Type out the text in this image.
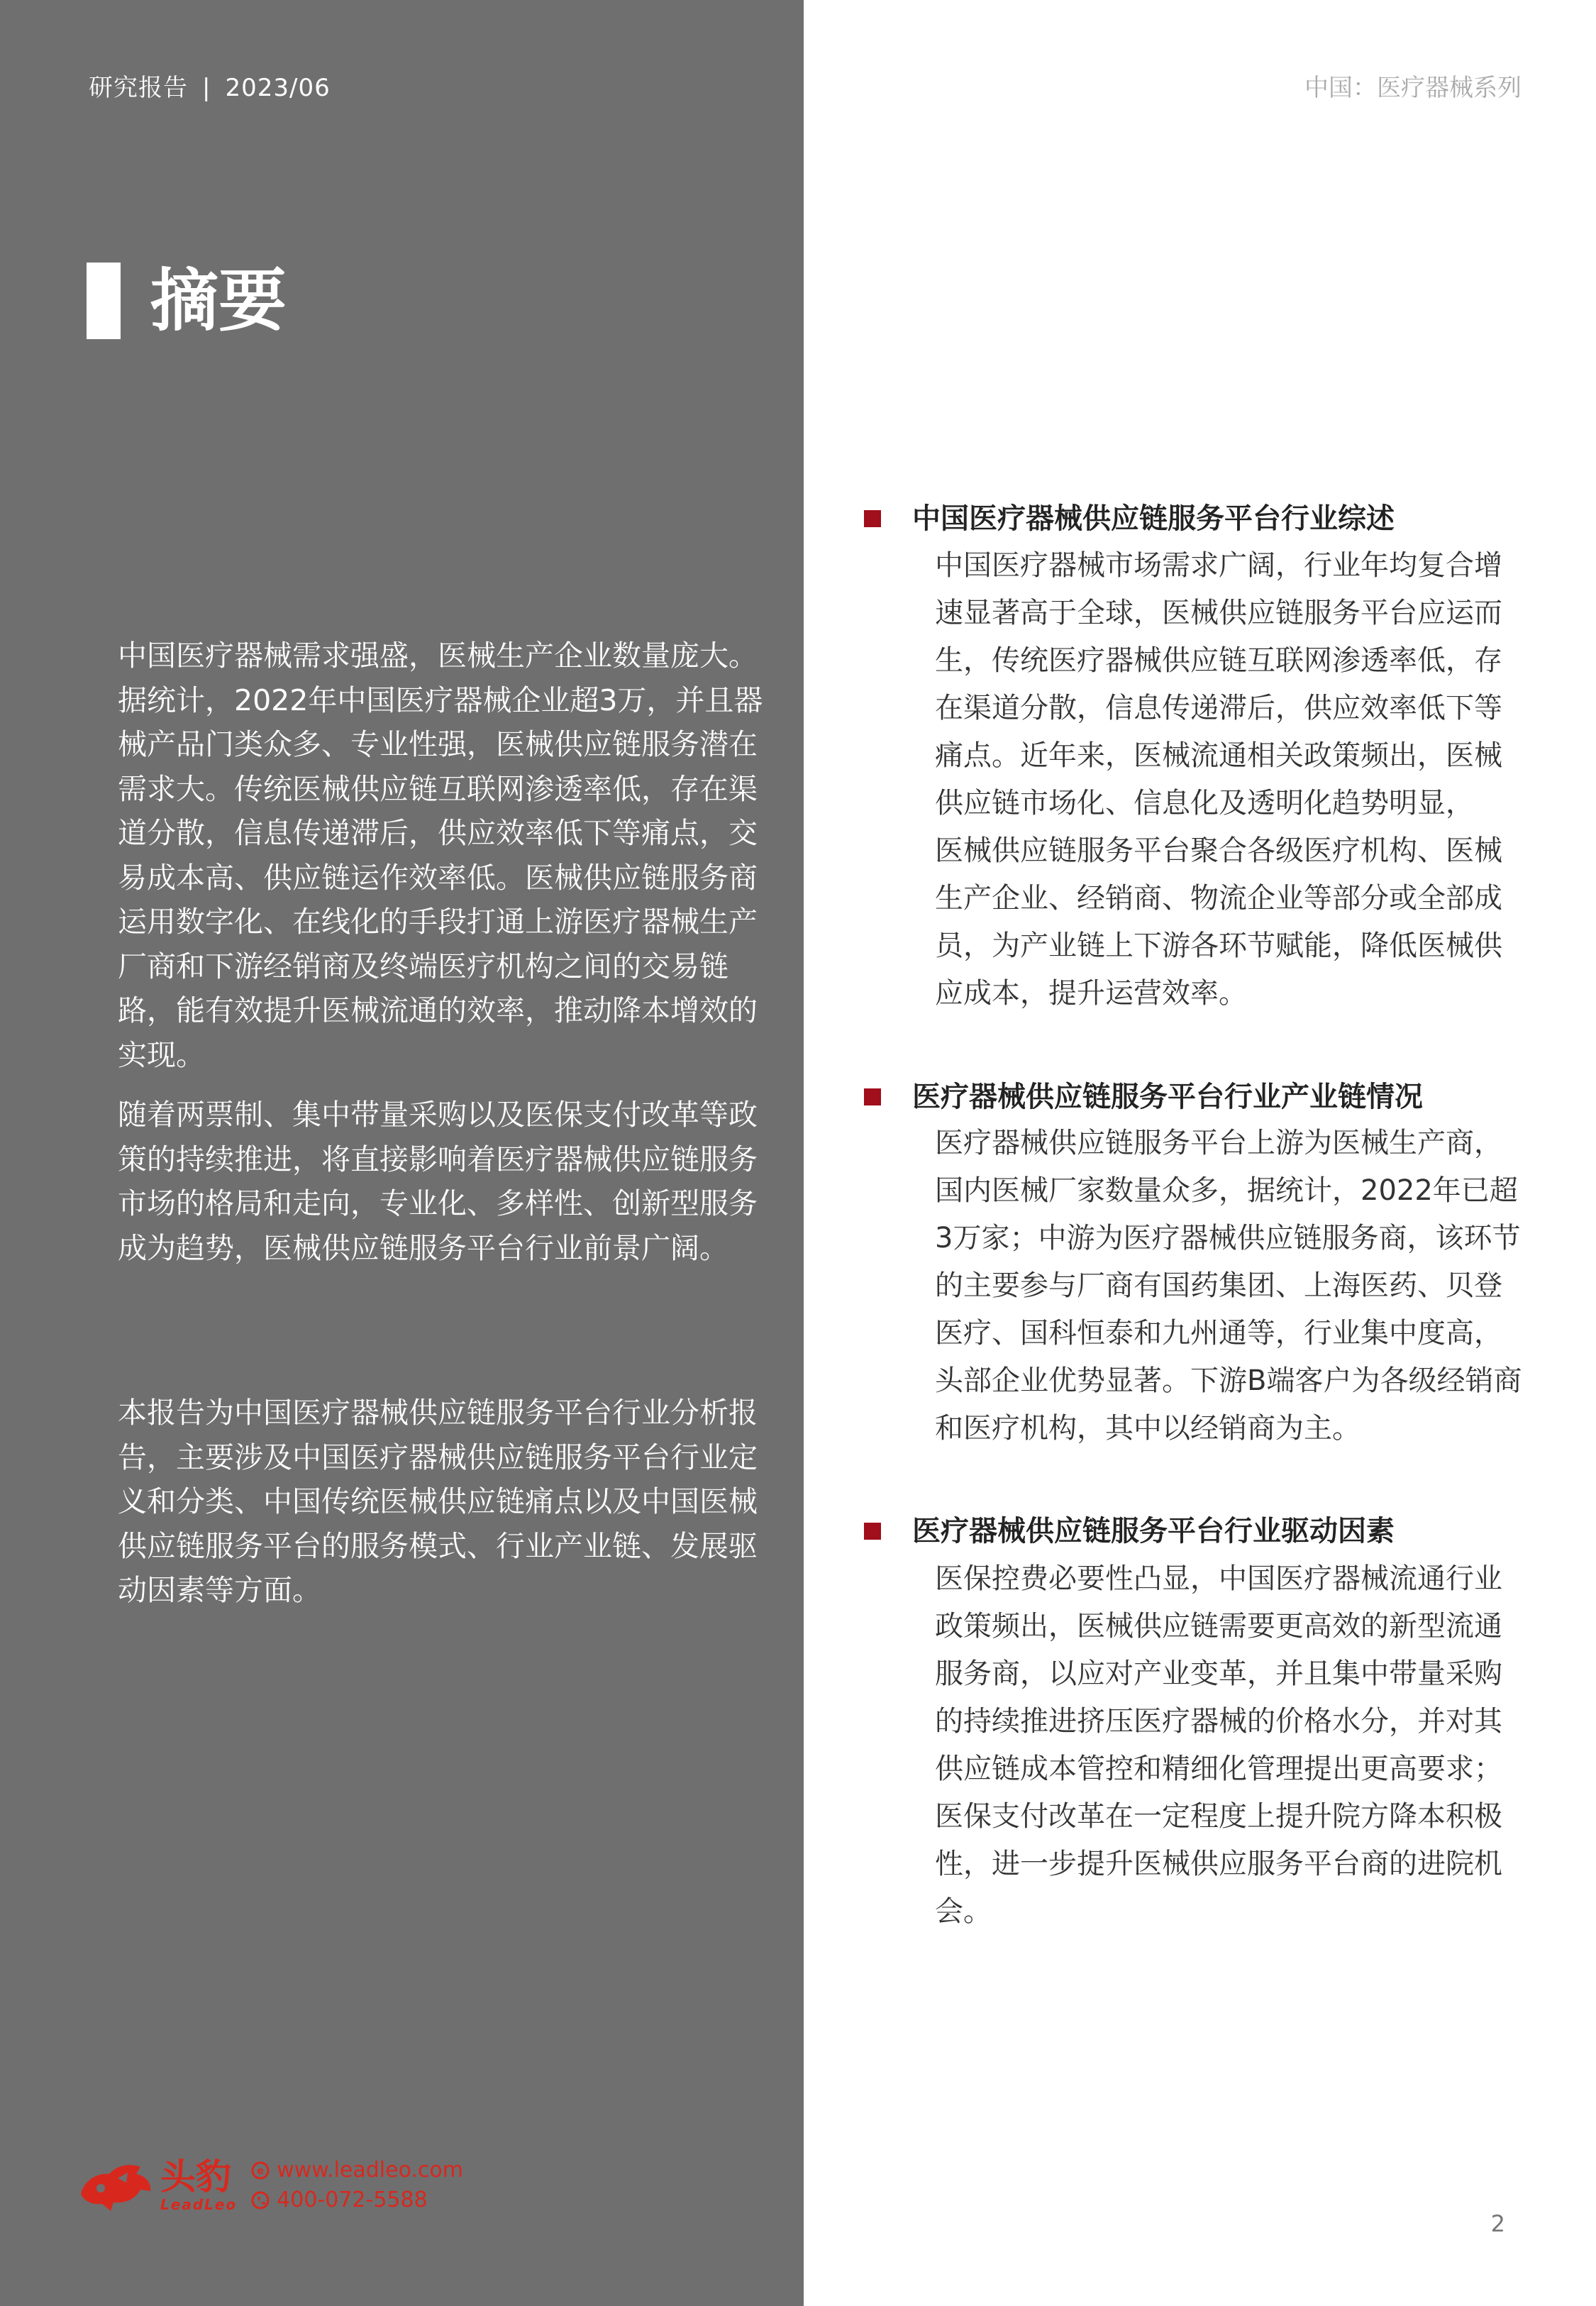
研究报告 | 2023/06	中国：医疗器械系列
摘要

中国医疗器械需求强盛，医械生产企业数量庞大。据统计，2022年中国医疗器械企业超3万，并且器械产品门类众多、专业性强，医械供应链服务潜在需求大。传统医械供应链互联网渗透率低，存在渠道分散，信息传递滞后，供应效率低下等痛点，交易成本高、供应链运作效率低。医械供应链服务商运用数字化、在线化的手段打通上游医疗器械生产厂商和下游经销商及终端医疗机构之间的交易链路，能有效提升医械流通的效率，推动降本增效的实现。

随着两票制、集中带量采购以及医保支付改革等政策的持续推进，将直接影响着医疗器械供应链服务市场的格局和走向，专业化、多样性、创新型服务成为趋势，医械供应链服务平台行业前景广阔。

本报告为中国医疗器械供应链服务平台行业分析报告，主要涉及中国医疗器械供应链服务平台行业定义和分类、中国传统医械供应链痛点以及中国医械供应链服务平台的服务模式、行业产业链、发展驱动因素等方面。

中国医疗器械供应链服务平台行业综述

中国医疗器械市场需求广阔，行业年均复合增速显著高于全球，医械供应链服务平台应运而生，传统医疗器械供应链互联网渗透率低，存在渠道分散，信息传递滞后，供应效率低下等痛点。近年来，医械流通相关政策频出，医械供应链市场化、信息化及透明化趋势明显，

医械供应链服务平台聚合各级医疗机构、医械生产企业、经销商、物流企业等部分或全部成员，为产业链上下游各环节赋能，降低医械供应成本，提升运营效率。

医疗器械供应链服务平台行业产业链情况

医疗器械供应链服务平台上游为医械生产商，国内医械厂家数量众多，据统计，2022年已超3万家；中游为医疗器械供应链服务商，该环节的主要参与厂商有国药集团、上海医药、贝登医疗、国科恒泰和九州通等，行业集中度高，头部企业优势显著。下游B端客户为各级经销商和医疗机构，其中以经销商为主。

医疗器械供应链服务平台行业驱动因素

医保控费必要性凸显，中国医疗器械流通行业政策频出，医械供应链需要更高效的新型流通服务商，以应对产业变革，并且集中带量采购的持续推进挤压医疗器械的价格水分，并对其供应链成本管控和精细化管理提出更高要求；医保支付改革在一定程度上提升院方降本积极性，进一步提升医械供应服务平台商的进院机会。

头豹
LeadLeo
e www.leadleo.com
400-072-5588
2
